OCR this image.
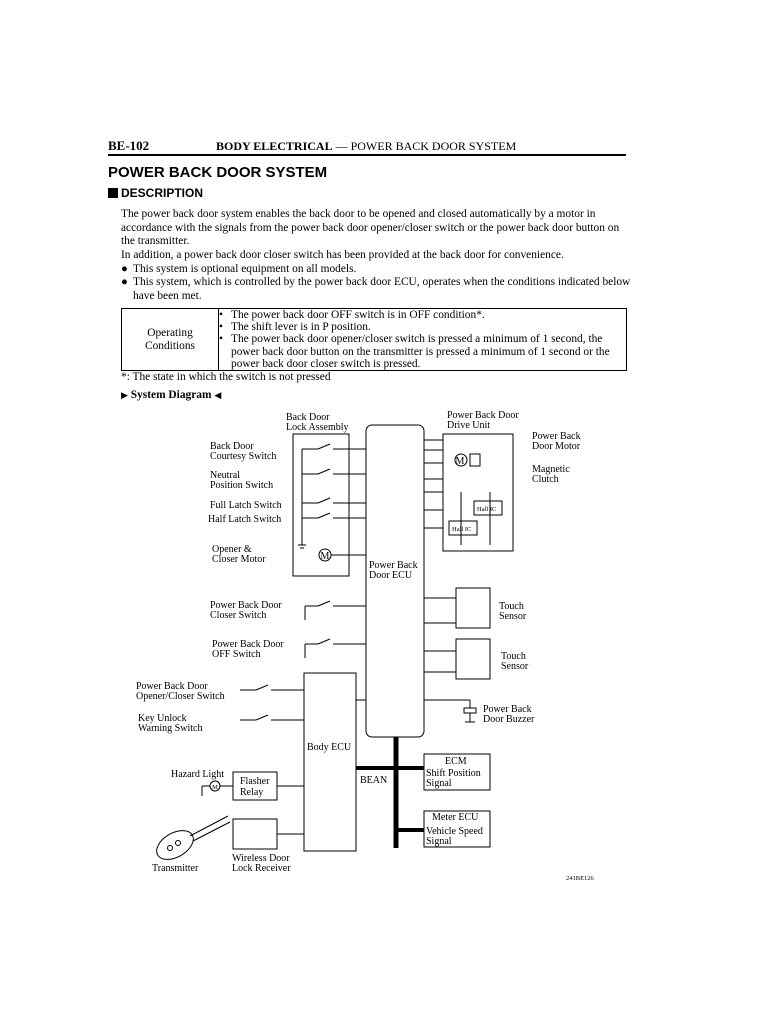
BE-102	BODY ELECTRICAL — POWER BACK DOOR SYSTEM
POWER BACK DOOR SYSTEM
DESCRIPTION
The power back door system enables the back door to be opened and closed automatically by a motor in accordance with the signals from the power back door opener/closer switch or the power back door button on the transmitter.
In addition, a power back door closer switch has been provided at the back door for convenience.
● This system is optional equipment on all models.
● This system, which is controlled by the power back door ECU, operates when the conditions indicated below have been met.
Operating
Conditions

• The power back door OFF switch is in OFF condition*.
• The shift lever is in P position.
• The power back door opener/closer switch is pressed a minimum of 1 second, the power back door button on the transmitter is pressed a minimum of 1 second or the power back door closer switch is pressed.
*: The state in which the switch is not pressed
▶ System Diagram ◀
M
M
M
Back Door
Lock Assembly
Back Door
Courtesy Switch
Neutral
Position Switch
Full Latch Switch
Half Latch Switch
Opener &
Closer Motor
Power Back
Door ECU
Power Back Door
Drive Unit
Power Back
Door Motor
Magnetic
Clutch
Hall IC
Hall IC
Power Back Door
Closer Switch
Power Back Door
OFF Switch
Touch
Sensor
Touch
Sensor
Power Back Door
Opener/Closer Switch
Key Unlock
Warning Switch
Body ECU
Power Back
Door Buzzer
Hazard Light
Flasher
Relay
BEAN
ECM
Shift Position
Signal
Meter ECU
Vehicle Speed
Signal
Transmitter
Wireless Door
Lock Receiver
241BE126
